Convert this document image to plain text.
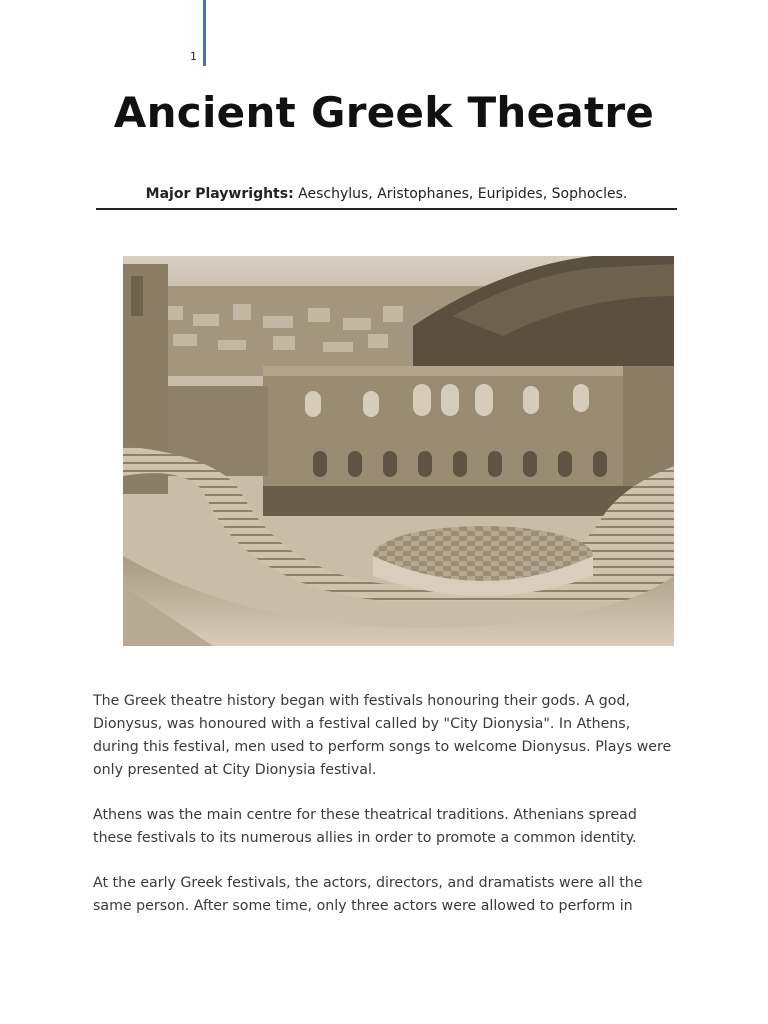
1
Ancient Greek Theatre
Major Playwrights: Aeschylus, Aristophanes, Euripides, Sophocles.

The Greek theatre history began with festivals honouring their gods. A god, Dionysus, was honoured with a festival called by "City Dionysia". In Athens, during this festival, men used to perform songs to welcome Dionysus. Plays were only presented at City Dionysia festival.

Athens was the main centre for these theatrical traditions. Athenians spread these festivals to its numerous allies in order to promote a common identity.

At the early Greek festivals, the actors, directors, and dramatists were all the same person. After some time, only three actors were allowed to perform in
